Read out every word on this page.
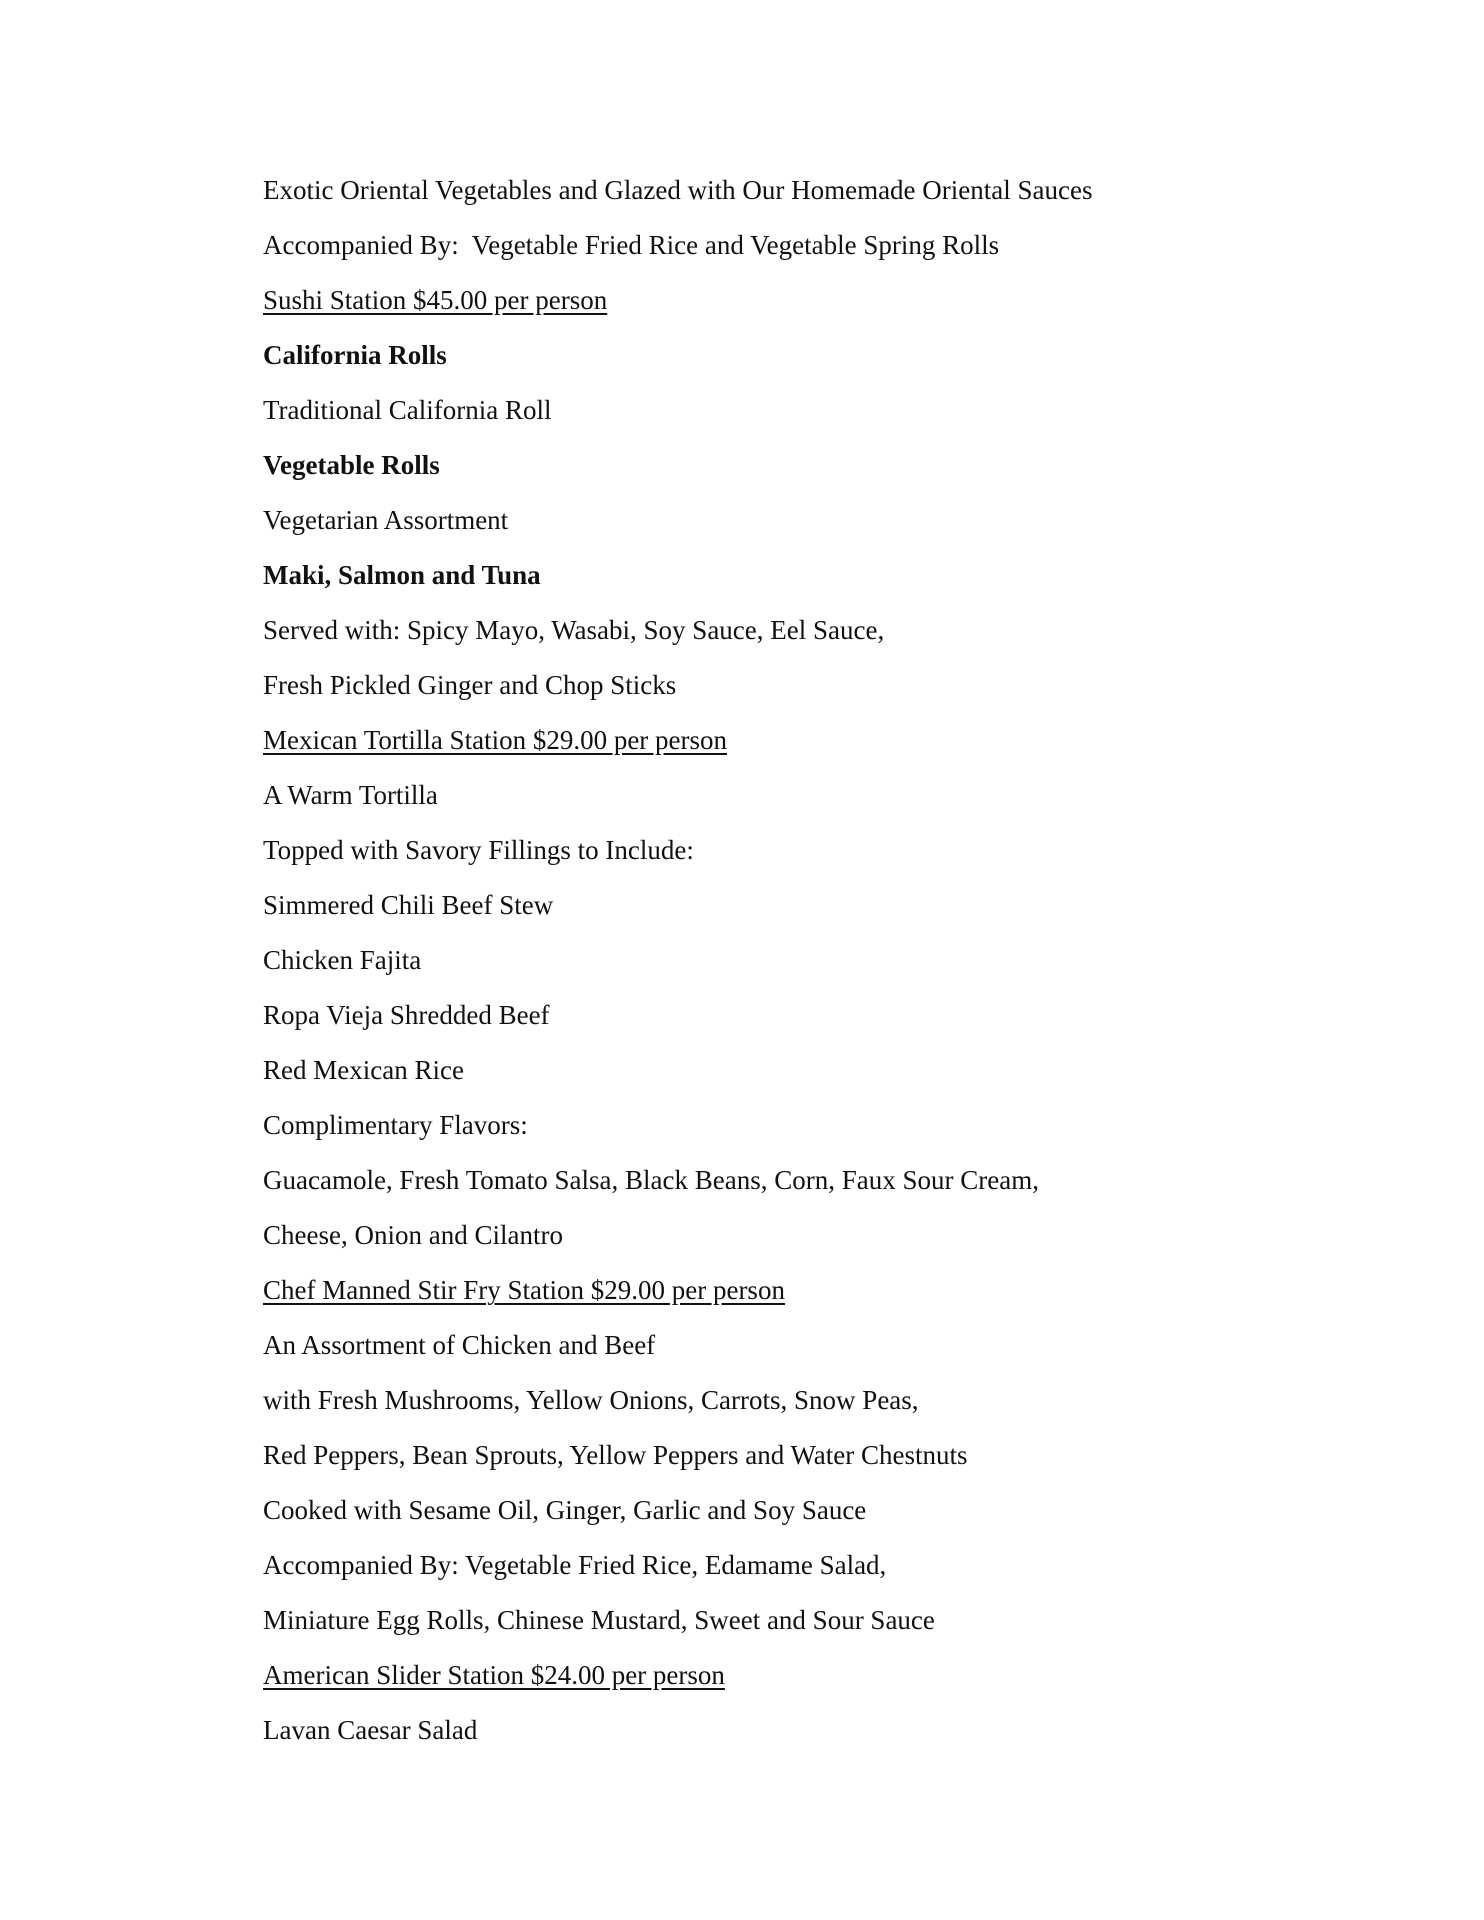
Exotic Oriental Vegetables and Glazed with Our Homemade Oriental Sauces
Accompanied By:  Vegetable Fried Rice and Vegetable Spring Rolls
Sushi Station $45.00 per person
California Rolls
Traditional California Roll
Vegetable Rolls
Vegetarian Assortment
Maki, Salmon and Tuna
Served with: Spicy Mayo, Wasabi, Soy Sauce, Eel Sauce,
Fresh Pickled Ginger and Chop Sticks
Mexican Tortilla Station $29.00 per person
A Warm Tortilla
Topped with Savory Fillings to Include:
Simmered Chili Beef Stew
Chicken Fajita
Ropa Vieja Shredded Beef
Red Mexican Rice
Complimentary Flavors:
Guacamole, Fresh Tomato Salsa, Black Beans, Corn, Faux Sour Cream,
Cheese, Onion and Cilantro
Chef Manned Stir Fry Station $29.00 per person
An Assortment of Chicken and Beef
with Fresh Mushrooms, Yellow Onions, Carrots, Snow Peas,
Red Peppers, Bean Sprouts, Yellow Peppers and Water Chestnuts
Cooked with Sesame Oil, Ginger, Garlic and Soy Sauce
Accompanied By: Vegetable Fried Rice, Edamame Salad,
Miniature Egg Rolls, Chinese Mustard, Sweet and Sour Sauce
American Slider Station $24.00 per person
Lavan Caesar Salad
